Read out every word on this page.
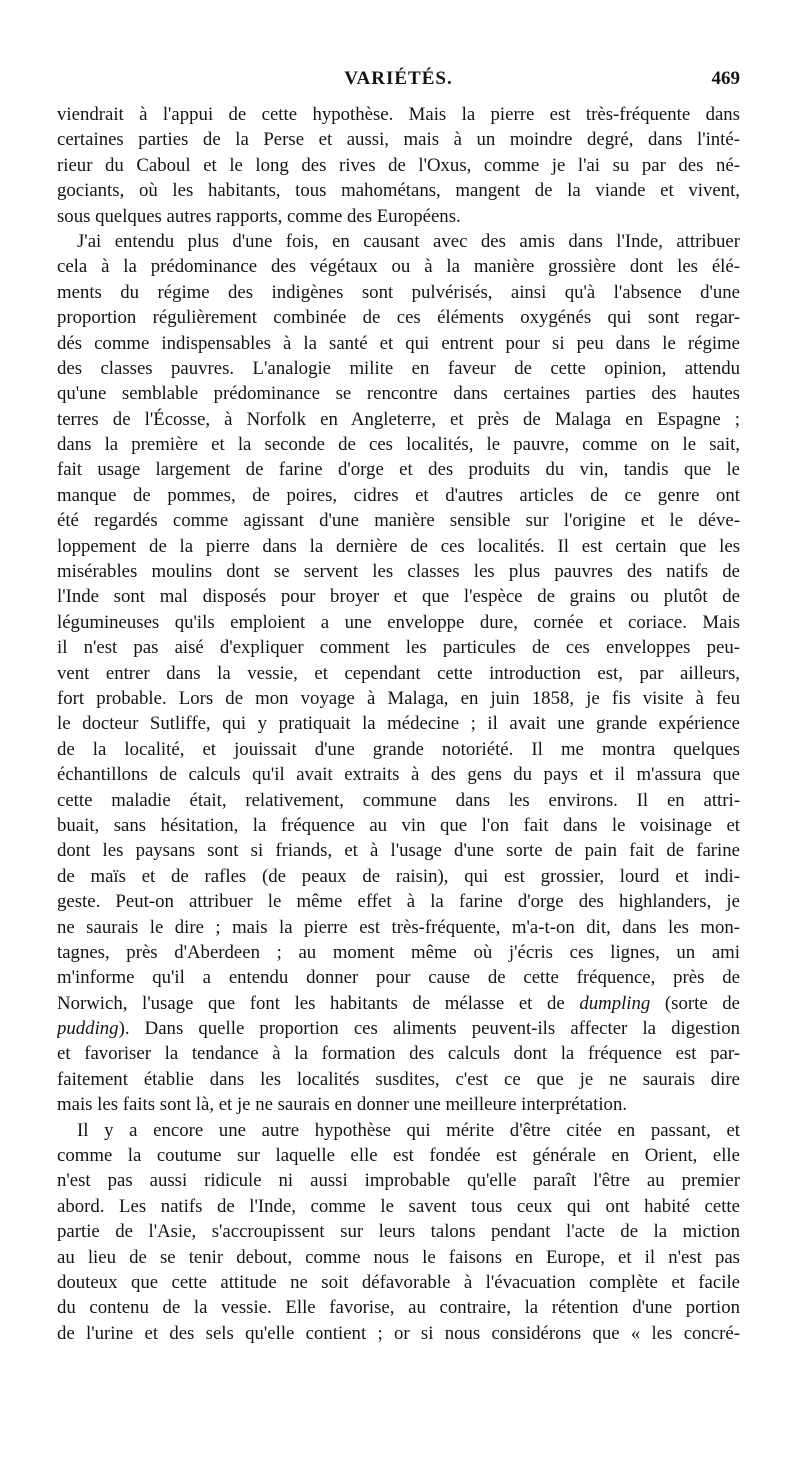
VARIÉTÉS.	469
viendrait à l'appui de cette hypothèse. Mais la pierre est très-fréquente dans
certaines parties de la Perse et aussi, mais à un moindre degré, dans l'inté-
rieur du Caboul et le long des rives de l'Oxus, comme je l'ai su par des né-
gociants, où les habitants, tous mahométans, mangent de la viande et vivent,
sous quelques autres rapports, comme des Européens.
J'ai entendu plus d'une fois, en causant avec des amis dans l'Inde, attribuer
cela à la prédominance des végétaux ou à la manière grossière dont les élé-
ments du régime des indigènes sont pulvérisés, ainsi qu'à l'absence d'une
proportion régulièrement combinée de ces éléments oxygénés qui sont regar-
dés comme indispensables à la santé et qui entrent pour si peu dans le régime
des classes pauvres. L'analogie milite en faveur de cette opinion, attendu
qu'une semblable prédominance se rencontre dans certaines parties des hautes
terres de l'Écosse, à Norfolk en Angleterre, et près de Malaga en Espagne ;
dans la première et la seconde de ces localités, le pauvre, comme on le sait,
fait usage largement de farine d'orge et des produits du vin, tandis que le
manque de pommes, de poires, cidres et d'autres articles de ce genre ont
été regardés comme agissant d'une manière sensible sur l'origine et le déve-
loppement de la pierre dans la dernière de ces localités. Il est certain que les
misérables moulins dont se servent les classes les plus pauvres des natifs de
l'Inde sont mal disposés pour broyer et que l'espèce de grains ou plutôt de
légumineuses qu'ils emploient a une enveloppe dure, cornée et coriace. Mais
il n'est pas aisé d'expliquer comment les particules de ces enveloppes peu-
vent entrer dans la vessie, et cependant cette introduction est, par ailleurs,
fort probable. Lors de mon voyage à Malaga, en juin 1858, je fis visite à feu
le docteur Sutliffe, qui y pratiquait la médecine ; il avait une grande expérience
de la localité, et jouissait d'une grande notoriété. Il me montra quelques
échantillons de calculs qu'il avait extraits à des gens du pays et il m'assura que
cette maladie était, relativement, commune dans les environs. Il en attri-
buait, sans hésitation, la fréquence au vin que l'on fait dans le voisinage et
dont les paysans sont si friands, et à l'usage d'une sorte de pain fait de farine
de maïs et de rafles (de peaux de raisin), qui est grossier, lourd et indi-
geste. Peut-on attribuer le même effet à la farine d'orge des highlanders, je
ne saurais le dire ; mais la pierre est très-fréquente, m'a-t-on dit, dans les mon-
tagnes, près d'Aberdeen ; au moment même où j'écris ces lignes, un ami
m'informe qu'il a entendu donner pour cause de cette fréquence, près de
Norwich, l'usage que font les habitants de mélasse et de dumpling (sorte de
pudding). Dans quelle proportion ces aliments peuvent-ils affecter la digestion
et favoriser la tendance à la formation des calculs dont la fréquence est par-
faitement établie dans les localités susdites, c'est ce que je ne saurais dire
mais les faits sont là, et je ne saurais en donner une meilleure interprétation.
Il y a encore une autre hypothèse qui mérite d'être citée en passant, et
comme la coutume sur laquelle elle est fondée est générale en Orient, elle
n'est pas aussi ridicule ni aussi improbable qu'elle paraît l'être au premier
abord. Les natifs de l'Inde, comme le savent tous ceux qui ont habité cette
partie de l'Asie, s'accroupissent sur leurs talons pendant l'acte de la miction
au lieu de se tenir debout, comme nous le faisons en Europe, et il n'est pas
douteux que cette attitude ne soit défavorable à l'évacuation complète et facile
du contenu de la vessie. Elle favorise, au contraire, la rétention d'une portion
de l'urine et des sels qu'elle contient ; or si nous considérons que « les concré-
